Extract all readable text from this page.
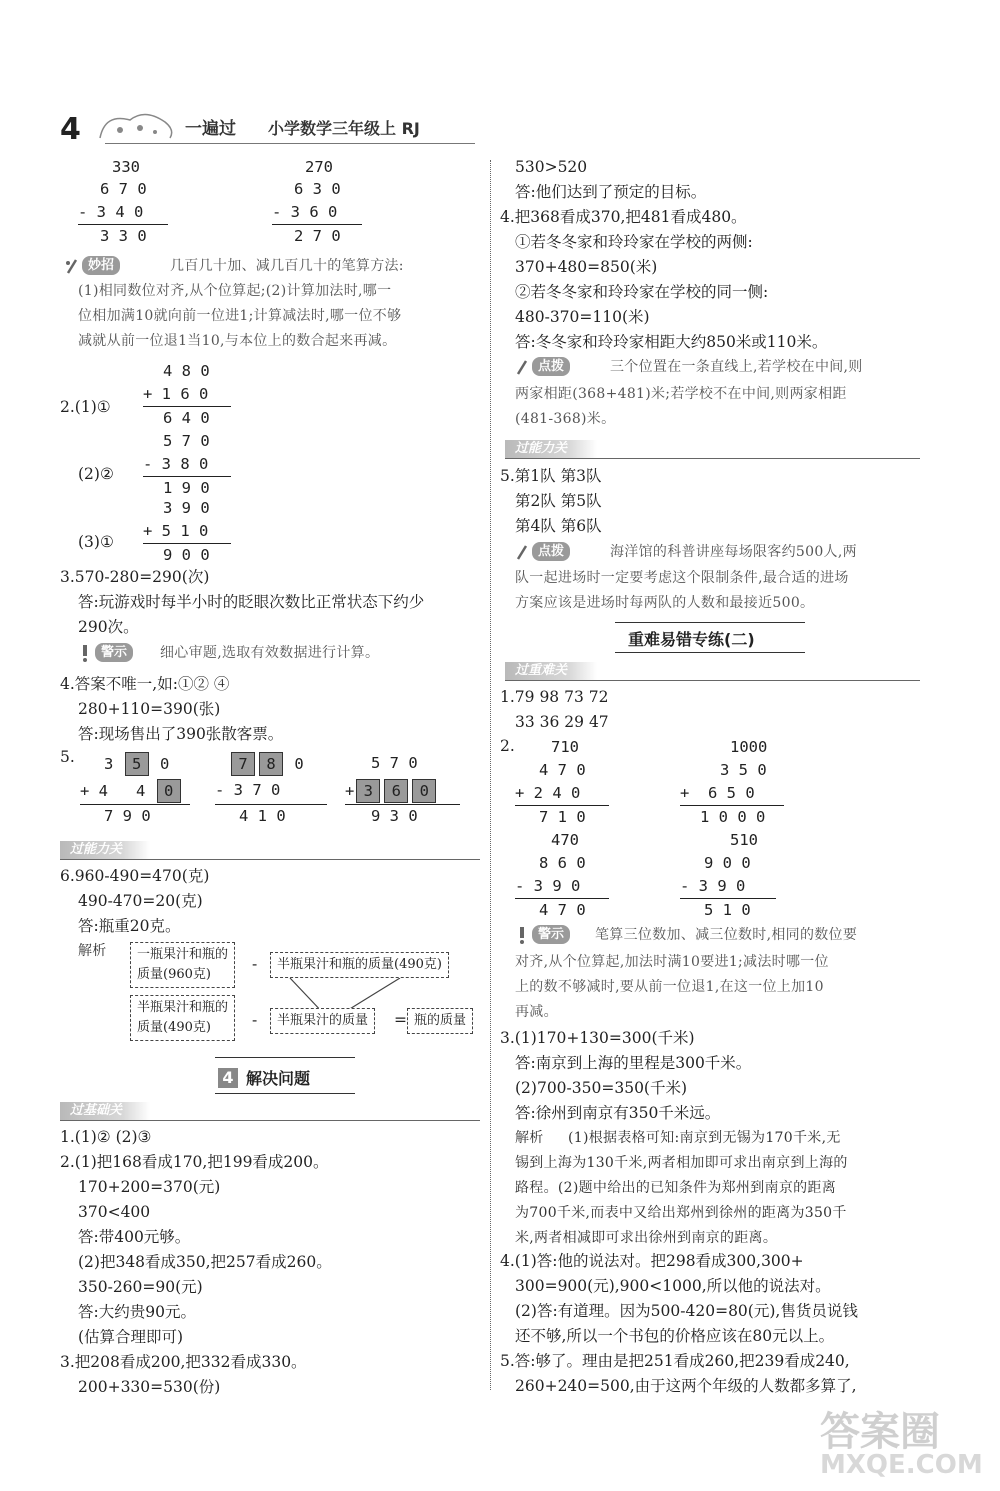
4	一遍过 小学数学三年级上 RJ
330
6 7 0
- 3 4 0
3 3 0
270
6 3 0
- 3 6 0
2 7 0
妙招	几百几十加、减几百几十的笔算方法:
(1)相同数位对齐,从个位算起;(2)计算加法时,哪一
位相加满10就向前一位进1;计算减法时,哪一位不够
减就从前一位退1当10,与本位上的数合起来再减。
4 8 0
+ 1 6 0
6 4 0
2.(1)①
5 7 0
- 3 8 0
1 9 0
(2)②
3 9 0
+ 5 1 0
9 0 0
(3)①
3.570-280=290(次)
答:玩游戏时每半小时的眨眼次数比正常状态下约少
290次。
警示	细心审题,选取有效数据进行计算。
4.答案不唯一,如:①② ④
280+110=390(张)
答:现场售出了390张散客票。
5.	3 5 0
+ 4 4 0
7 9 0
7 8 0
- 3 7 0
4 1 0
5 7 0
+ 3 6 0
9 3 0
过能力关
6.960-490=470(克)
490-470=20(克)
答:瓶重20克。
解析 一瓶果汁和瓶的
质量(960克)
-	半瓶果汁和瓶的质量(490克)
半瓶果汁和瓶的
质量(490克)	-	半瓶果汁的质量	= 瓶的质量
4 解决问题
过基础关
1.(1)② (2)③
2.(1)把168看成170,把199看成200。
170+200=370(元)
370<400
答:带400元够。
(2)把348看成350,把257看成260。
350-260=90(元)
答:大约贵90元。
(估算合理即可)
3.把208看成200,把332看成330。
200+330=530(份)
530>520
答:他们达到了预定的目标。
4.把368看成370,把481看成480。
①若冬冬家和玲玲家在学校的两侧:
370+480=850(米)
②若冬冬家和玲玲家在学校的同一侧:
480-370=110(米)
答:冬冬家和玲玲家相距大约850米或110米。
点拨	三个位置在一条直线上,若学校在中间,则
两家相距(368+481)米;若学校不在中间,则两家相距
(481-368)米。
过能力关
5.第1队 第3队
第2队 第5队
第4队 第6队
点拨	海洋馆的科普讲座每场限客约500人,两
队一起进场时一定要考虑这个限制条件,最合适的进场
方案应该是进场时每两队的人数和最接近500。
重难易错专练(二)
过重难关
1.79 98 73 72
33 36 29 47
2.	710
4 7 0
+ 2 4 0
7 1 0
1000
3 5 0
+  6 5 0
1 0 0 0
470
8 6 0
- 3 9 0
4 7 0
510
9 0 0
- 3 9 0
5 1 0
警示	笔算三位数加、减三位数时,相同的数位要
对齐,从个位算起,加法时满10要进1;减法时哪一位
上的数不够减时,要从前一位退1,在这一位上加10
再减。
3.(1)170+130=300(千米)
答:南京到上海的里程是300千米。
(2)700-350=350(千米)
答:徐州到南京有350千米远。
解析 (1)根据表格可知:南京到无锡为170千米,无
锡到上海为130千米,两者相加即可求出南京到上海的
路程。(2)题中给出的已知条件为郑州到南京的距离
为700千米,而表中又给出郑州到徐州的距离为350千
米,两者相减即可求出徐州到南京的距离。
4.(1)答:他的说法对。把298看成300,300+
300=900(元),900<1000,所以他的说法对。
(2)答:有道理。因为500-420=80(元),售货员说钱
还不够,所以一个书包的价格应该在80元以上。
5.答:够了。理由是把251看成260,把239看成240,
260+240=500,由于这两个年级的人数都多算了,
答案圈
MXQE.COM
